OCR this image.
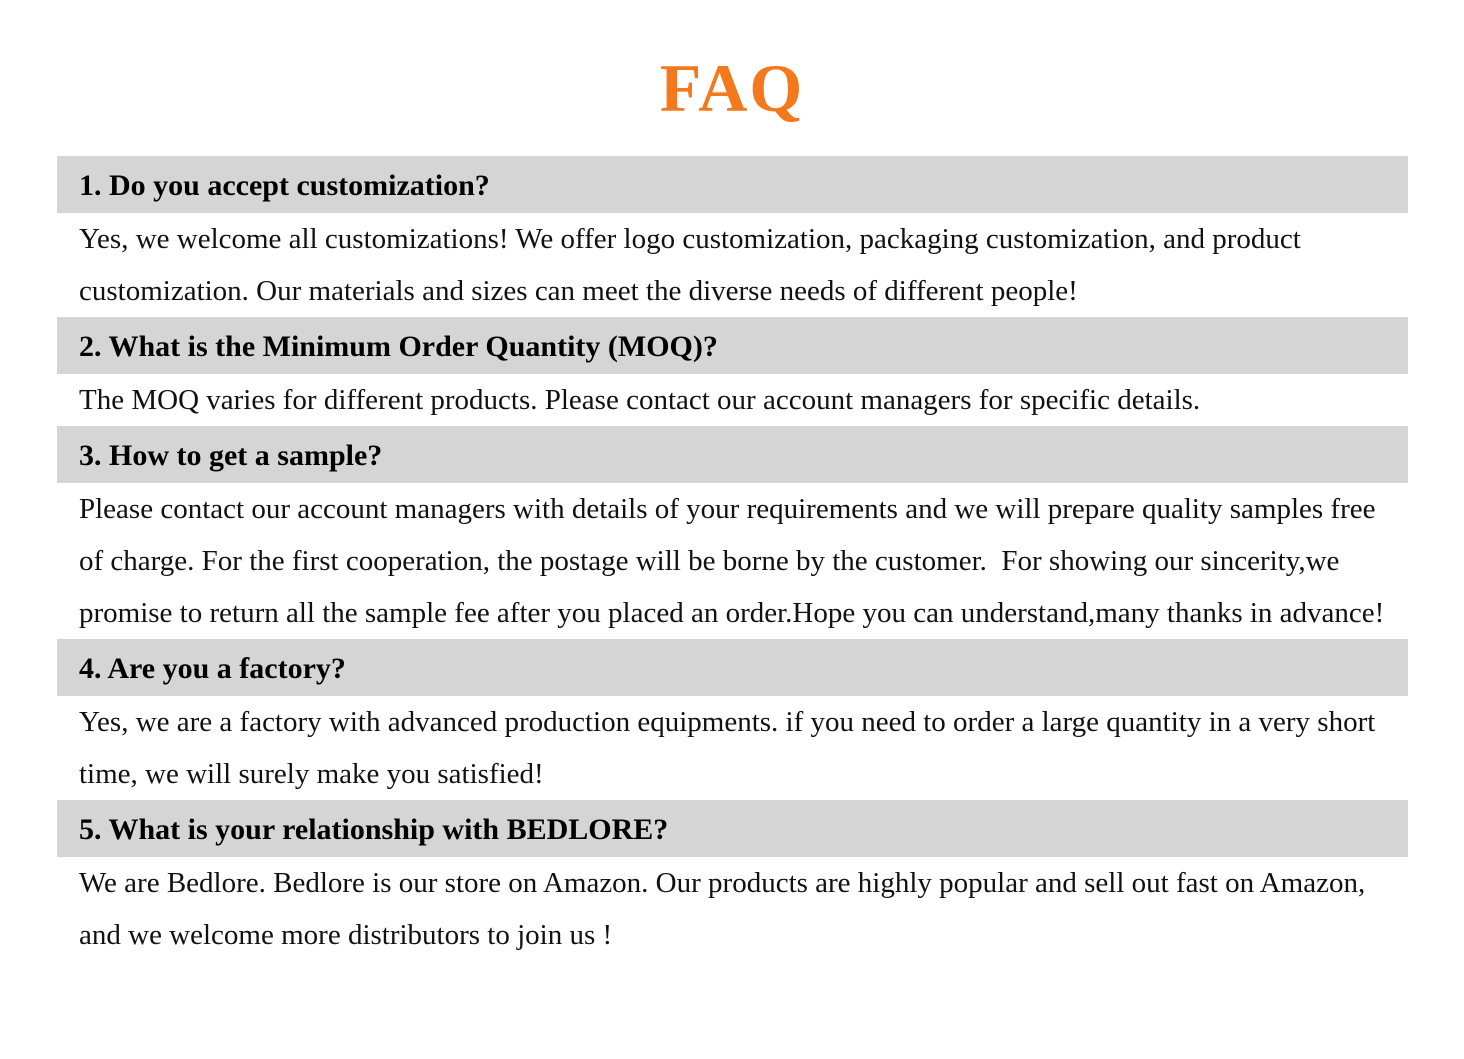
FAQ
1. Do you accept customization?

Yes, we welcome all customizations! We offer logo customization, packaging customization, and product customization. Our materials and sizes can meet the diverse needs of different people!

2. What is the Minimum Order Quantity (MOQ)?

The MOQ varies for different products. Please contact our account managers for specific details.

3. How to get a sample?

Please contact our account managers with details of your requirements and we will prepare quality samples free of charge. For the first cooperation, the postage will be borne by the customer.  For showing our sincerity,we promise to return all the sample fee after you placed an order.Hope you can understand,many thanks in advance!

4. Are you a factory?

Yes, we are a factory with advanced production equipments. if you need to order a large quantity in a very short time, we will surely make you satisfied!

5. What is your relationship with BEDLORE?

We are Bedlore. Bedlore is our store on Amazon. Our products are highly popular and sell out fast on Amazon, and we welcome more distributors to join us !
